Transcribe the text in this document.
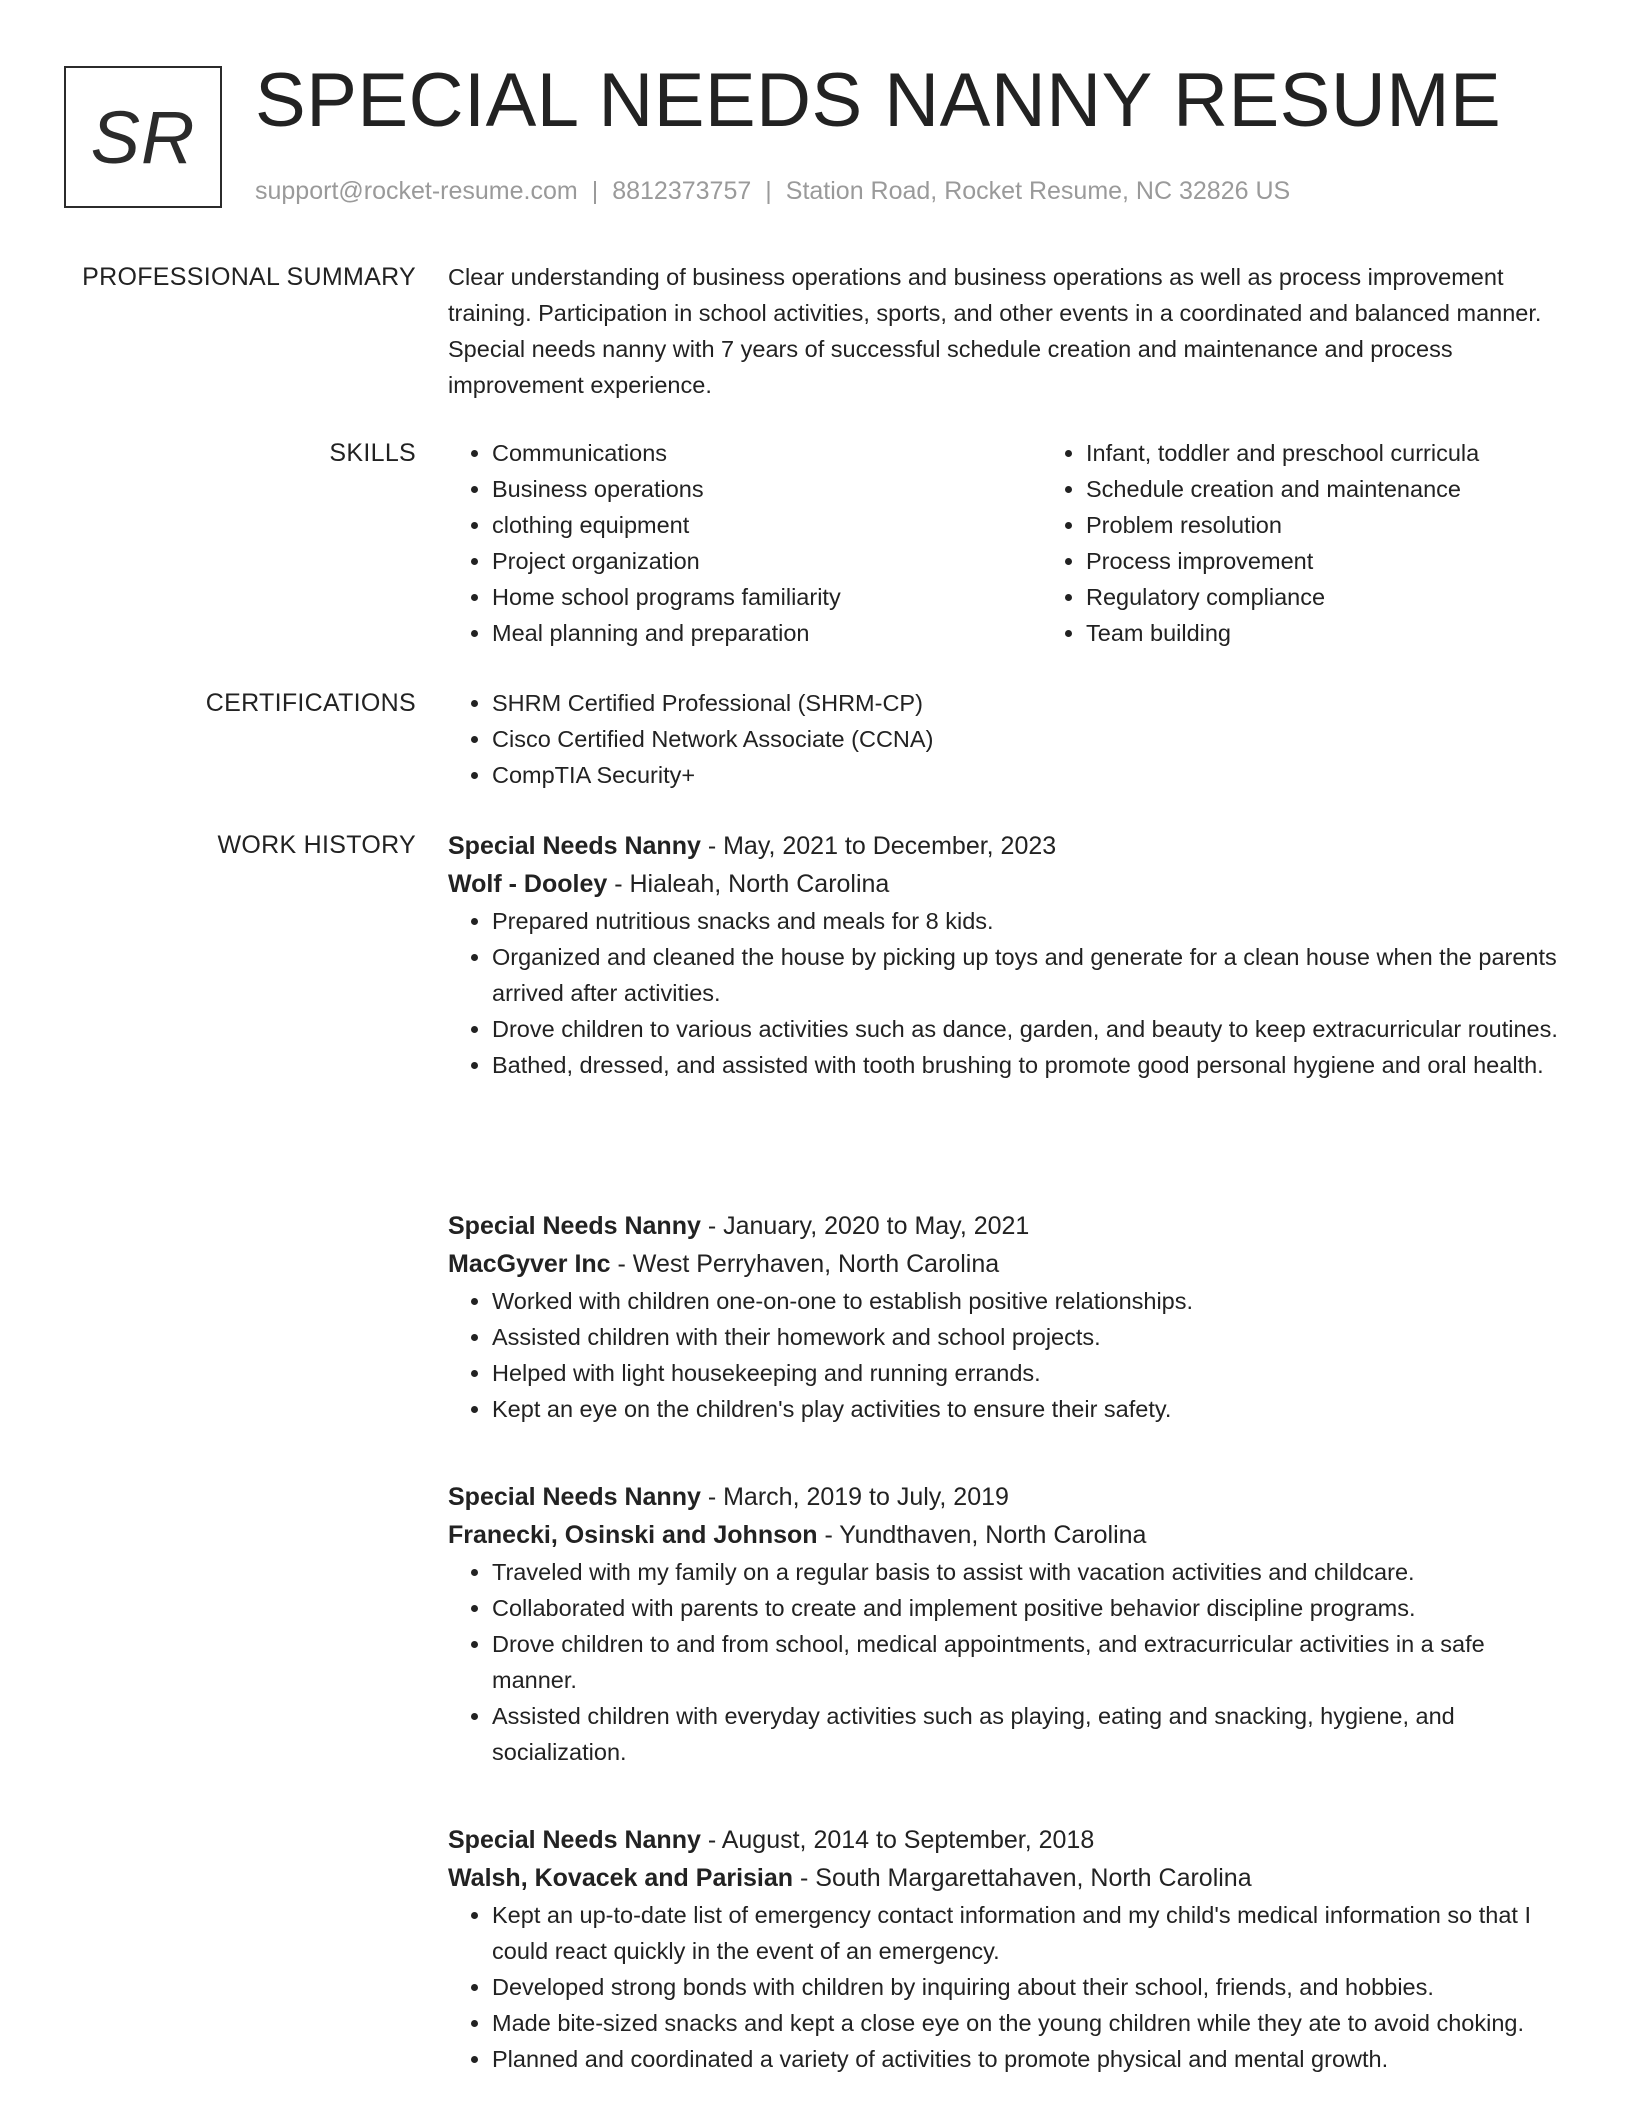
SR SPECIAL NEEDS NANNY RESUME
support@rocket-resume.com | 8812373757 | Station Road, Rocket Resume, NC 32826 US
PROFESSIONAL SUMMARY Clear understanding of business operations and business operations as well as process improvement training. Participation in school activities, sports, and other events in a coordinated and balanced manner. Special needs nanny with 7 years of successful schedule creation and maintenance and process improvement experience.

SKILLS	• Communications
• Business operations
• clothing equipment
• Project organization
• Home school programs familiarity
• Meal planning and preparation
• Infant, toddler and preschool curricula
• Schedule creation and maintenance
• Problem resolution
• Process improvement
• Regulatory compliance
• Team building
CERTIFICATIONS	• SHRM Certified Professional (SHRM-CP)
• Cisco Certified Network Associate (CCNA)
• CompTIA Security+
WORK HISTORY Special Needs Nanny - May, 2021 to December, 2023
Wolf - Dooley - Hialeah, North Carolina
• Prepared nutritious snacks and meals for 8 kids.
• Organized and cleaned the house by picking up toys and generate for a clean house when the parents arrived after activities.
• Drove children to various activities such as dance, garden, and beauty to keep extracurricular routines.
• Bathed, dressed, and assisted with tooth brushing to promote good personal hygiene and oral health.
Special Needs Nanny - January, 2020 to May, 2021
MacGyver Inc - West Perryhaven, North Carolina
• Worked with children one-on-one to establish positive relationships.
• Assisted children with their homework and school projects.
• Helped with light housekeeping and running errands.
• Kept an eye on the children's play activities to ensure their safety.
Special Needs Nanny - March, 2019 to July, 2019
Franecki, Osinski and Johnson - Yundthaven, North Carolina
• Traveled with my family on a regular basis to assist with vacation activities and childcare.
• Collaborated with parents to create and implement positive behavior discipline programs.
• Drove children to and from school, medical appointments, and extracurricular activities in a safe manner.
• Assisted children with everyday activities such as playing, eating and snacking, hygiene, and socialization.
Special Needs Nanny - August, 2014 to September, 2018
Walsh, Kovacek and Parisian - South Margarettahaven, North Carolina
• Kept an up-to-date list of emergency contact information and my child's medical information so that I could react quickly in the event of an emergency.
• Developed strong bonds with children by inquiring about their school, friends, and hobbies.
• Made bite-sized snacks and kept a close eye on the young children while they ate to avoid choking.
• Planned and coordinated a variety of activities to promote physical and mental growth.
